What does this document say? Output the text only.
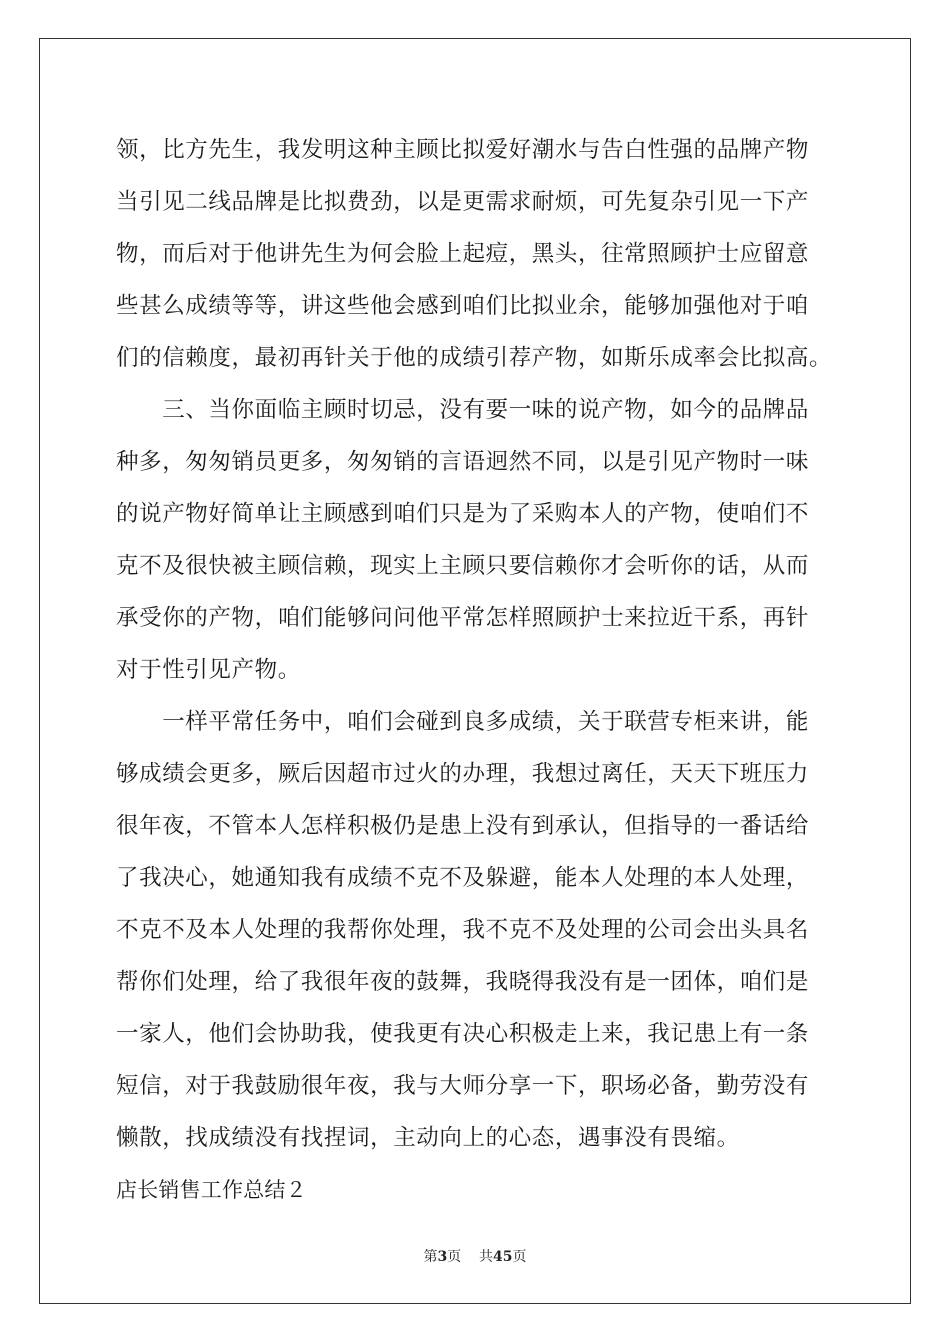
领，比方先生，我发明这种主顾比拟爱好潮水与告白性强的品牌产物
当引见二线品牌是比拟费劲，以是更需求耐烦，可先复杂引见一下产
物，而后对于他讲先生为何会脸上起痘，黑头，往常照顾护士应留意
些甚么成绩等等，讲这些他会感到咱们比拟业余，能够加强他对于咱
们的信赖度，最初再针关于他的成绩引荐产物，如斯乐成率会比拟高。
　　三、当你面临主顾时切忌，没有要一味的说产物，如今的品牌品
种多，匆匆销员更多，匆匆销的言语迥然不同，以是引见产物时一味
的说产物好简单让主顾感到咱们只是为了采购本人的产物，使咱们不
克不及很快被主顾信赖，现实上主顾只要信赖你才会听你的话，从而
承受你的产物，咱们能够问问他平常怎样照顾护士来拉近干系，再针
对于性引见产物。
　　一样平常任务中，咱们会碰到良多成绩，关于联营专柜来讲，能
够成绩会更多，厥后因超市过火的办理，我想过离任，天天下班压力
很年夜，不管本人怎样积极仍是患上没有到承认，但指导的一番话给
了我决心，她通知我有成绩不克不及躲避，能本人处理的本人处理，
不克不及本人处理的我帮你处理，我不克不及处理的公司会出头具名
帮你们处理，给了我很年夜的鼓舞，我晓得我没有是一团体，咱们是
一家人，他们会协助我，使我更有决心积极走上来，我记患上有一条
短信，对于我鼓励很年夜，我与大师分享一下，职场必备，勤劳没有
懒散，找成绩没有找捏词，主动向上的心态，遇事没有畏缩。
店长销售工作总结２
第3页 共45页
